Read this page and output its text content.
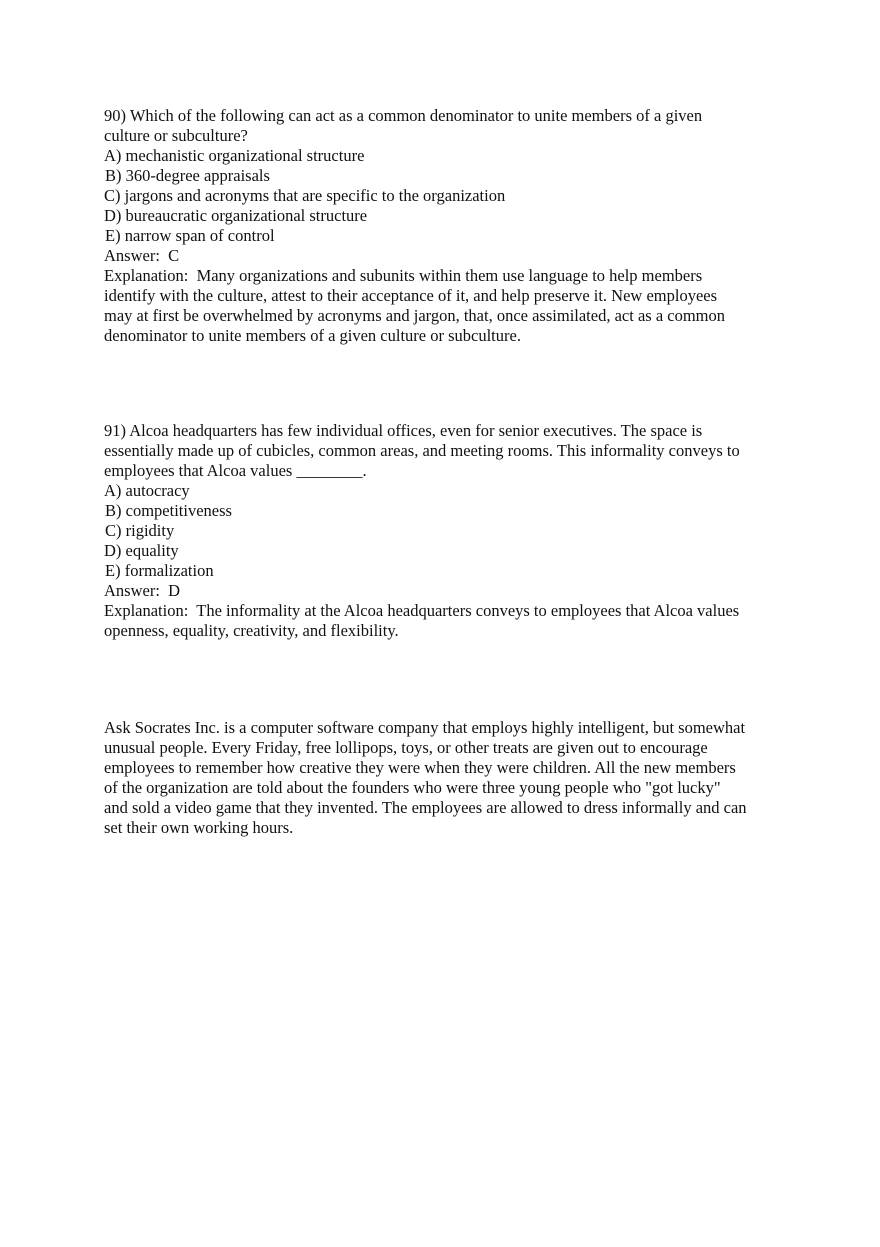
90) Which of the following can act as a common denominator to unite members of a given
culture or subculture?
A) mechanistic organizational structure
B) 360-degree appraisals
C) jargons and acronyms that are specific to the organization
D) bureaucratic organizational structure
E) narrow span of control
Answer:  C
Explanation:  Many organizations and subunits within them use language to help members
identify with the culture, attest to their acceptance of it, and help preserve it. New employees
may at first be overwhelmed by acronyms and jargon, that, once assimilated, act as a common
denominator to unite members of a given culture or subculture.
91) Alcoa headquarters has few individual offices, even for senior executives. The space is
essentially made up of cubicles, common areas, and meeting rooms. This informality conveys to
employees that Alcoa values ________.
A) autocracy
B) competitiveness
C) rigidity
D) equality
E) formalization
Answer:  D
Explanation:  The informality at the Alcoa headquarters conveys to employees that Alcoa values
openness, equality, creativity, and flexibility.
Ask Socrates Inc. is a computer software company that employs highly intelligent, but somewhat
unusual people. Every Friday, free lollipops, toys, or other treats are given out to encourage
employees to remember how creative they were when they were children. All the new members
of the organization are told about the founders who were three young people who "got lucky"
and sold a video game that they invented. The employees are allowed to dress informally and can
set their own working hours.
